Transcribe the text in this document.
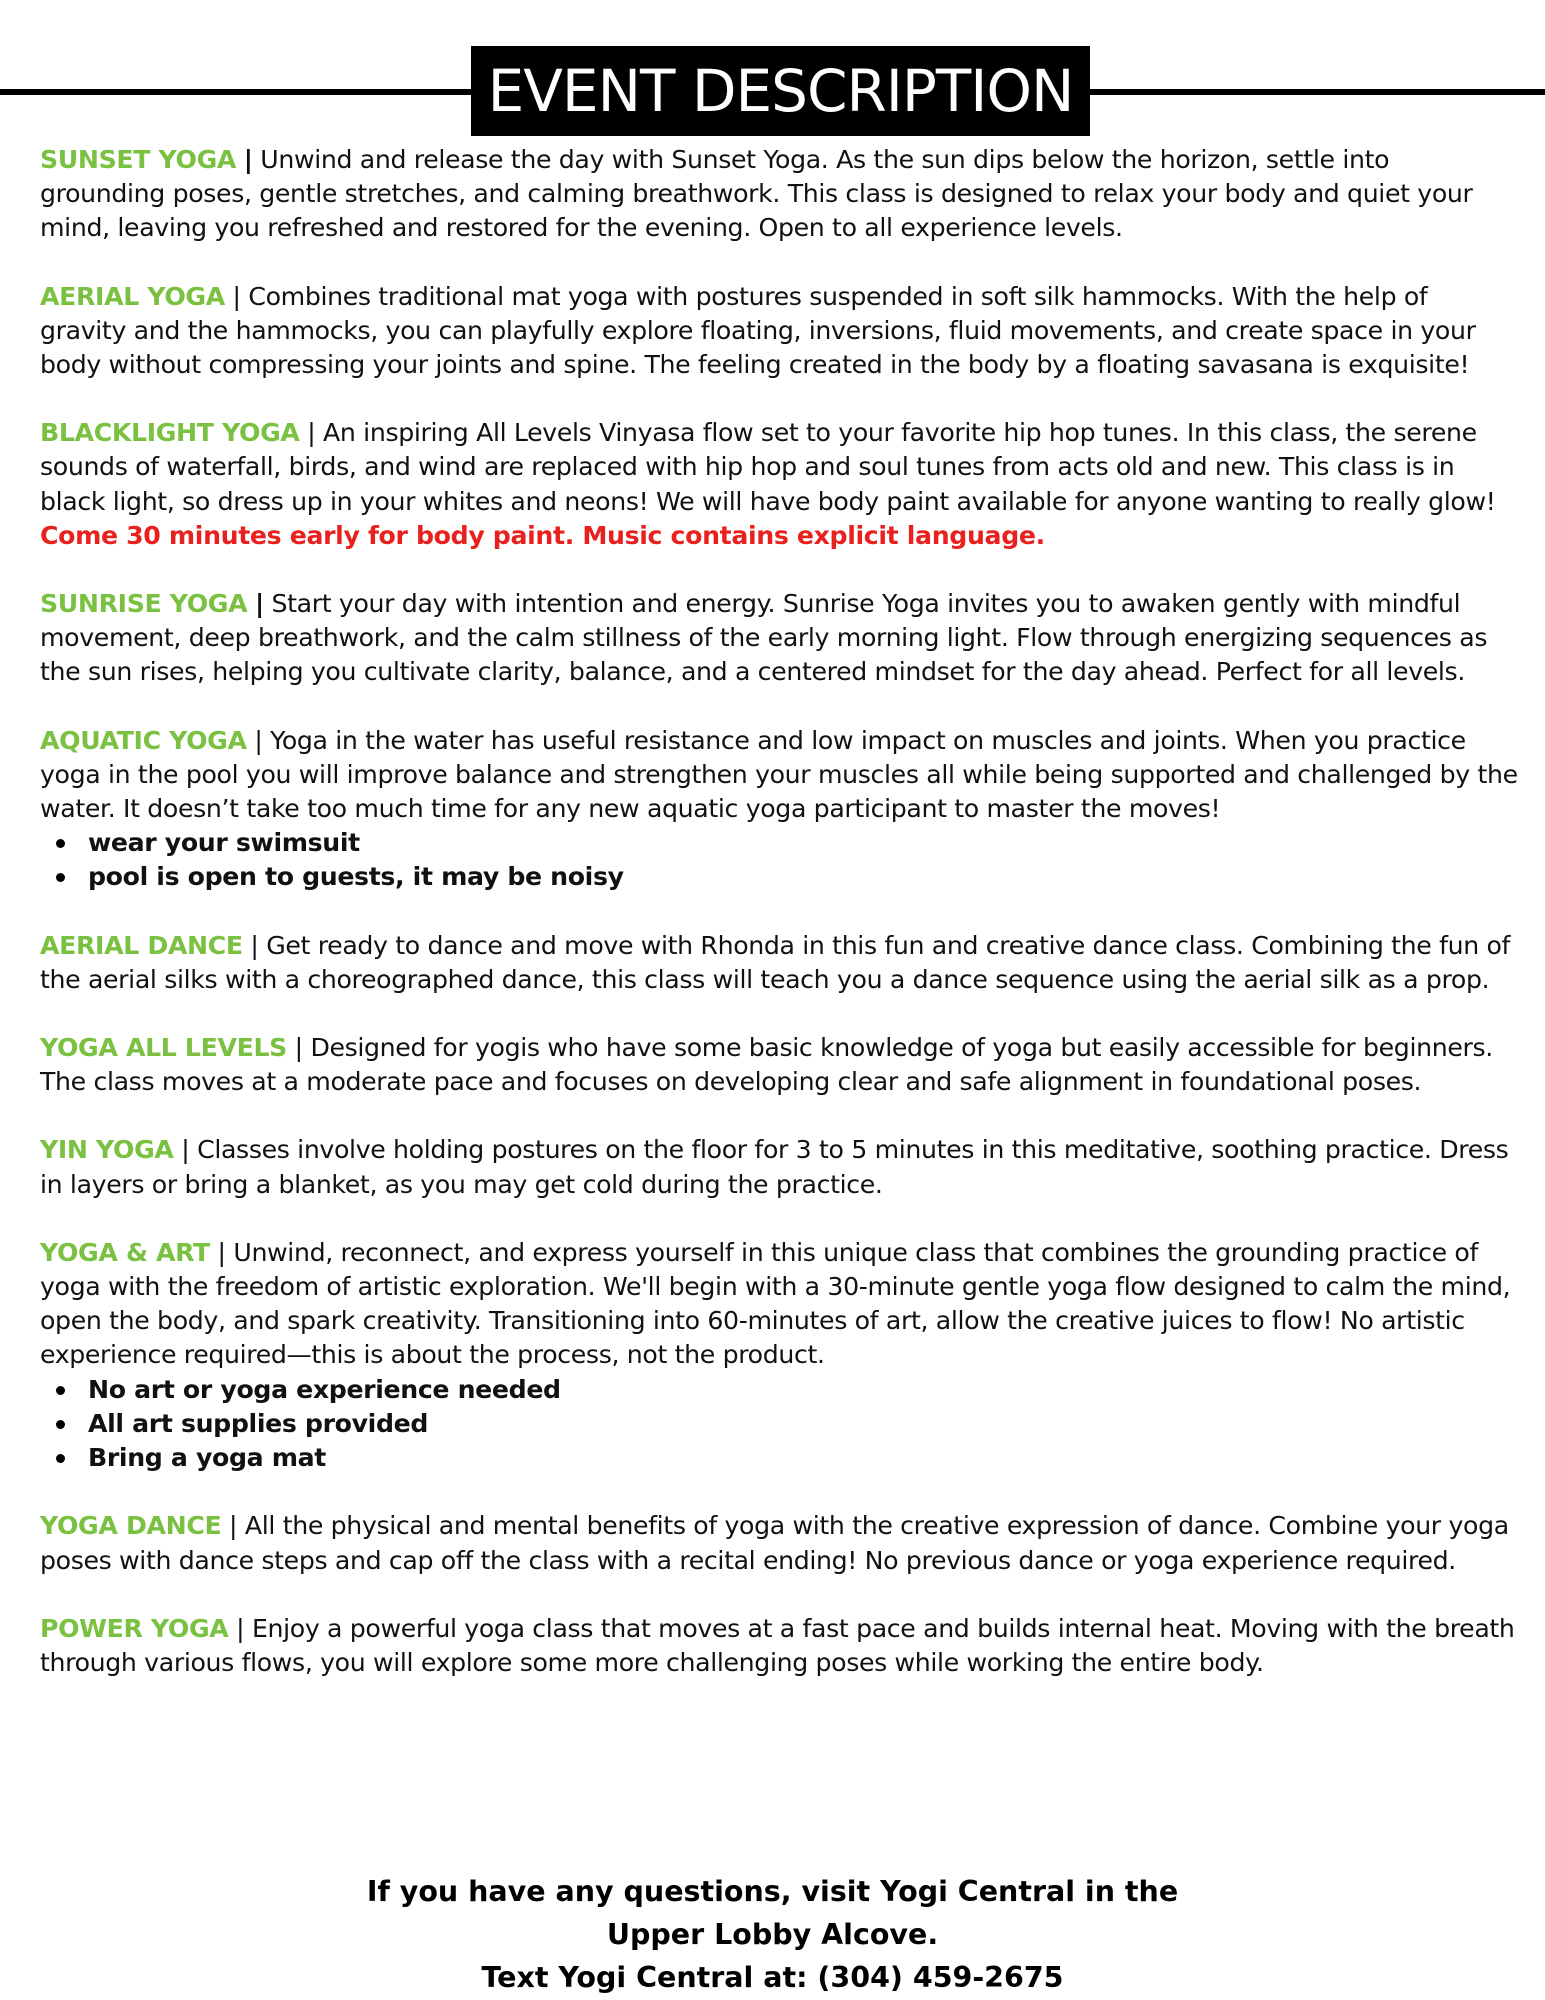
EVENT DESCRIPTION

SUNSET YOGA | Unwind and release the day with Sunset Yoga. As the sun dips below the horizon, settle into grounding poses, gentle stretches, and calming breathwork. This class is designed to relax your body and quiet your mind, leaving you refreshed and restored for the evening. Open to all experience levels.

AERIAL YOGA | Combines traditional mat yoga with postures suspended in soft silk hammocks. With the help of gravity and the hammocks, you can playfully explore floating, inversions, fluid movements, and create space in your body without compressing your joints and spine. The feeling created in the body by a floating savasana is exquisite!

BLACKLIGHT YOGA | An inspiring All Levels Vinyasa flow set to your favorite hip hop tunes. In this class, the serene sounds of waterfall, birds, and wind are replaced with hip hop and soul tunes from acts old and new. This class is in black light, so dress up in your whites and neons! We will have body paint available for anyone wanting to really glow! Come 30 minutes early for body paint. Music contains explicit language.

SUNRISE YOGA | Start your day with intention and energy. Sunrise Yoga invites you to awaken gently with mindful movement, deep breathwork, and the calm stillness of the early morning light. Flow through energizing sequences as the sun rises, helping you cultivate clarity, balance, and a centered mindset for the day ahead. Perfect for all levels.

AQUATIC YOGA | Yoga in the water has useful resistance and low impact on muscles and joints. When you practice yoga in the pool you will improve balance and strengthen your muscles all while being supported and challenged by the water. It doesn’t take too much time for any new aquatic yoga participant to master the moves!
wear your swimsuit
pool is open to guests, it may be noisy

AERIAL DANCE | Get ready to dance and move with Rhonda in this fun and creative dance class. Combining the fun of the aerial silks with a choreographed dance, this class will teach you a dance sequence using the aerial silk as a prop.

YOGA ALL LEVELS | Designed for yogis who have some basic knowledge of yoga but easily accessible for beginners. The class moves at a moderate pace and focuses on developing clear and safe alignment in foundational poses.

YIN YOGA | Classes involve holding postures on the floor for 3 to 5 minutes in this meditative, soothing practice. Dress in layers or bring a blanket, as you may get cold during the practice.

YOGA & ART | Unwind, reconnect, and express yourself in this unique class that combines the grounding practice of yoga with the freedom of artistic exploration. We'll begin with a 30-minute gentle yoga flow designed to calm the mind, open the body, and spark creativity. Transitioning into 60-minutes of art, allow the creative juices to flow! No artistic experience required—this is about the process, not the product.
No art or yoga experience needed
All art supplies provided
Bring a yoga mat

YOGA DANCE | All the physical and mental benefits of yoga with the creative expression of dance. Combine your yoga poses with dance steps and cap off the class with a recital ending! No previous dance or yoga experience required.

POWER YOGA | Enjoy a powerful yoga class that moves at a fast pace and builds internal heat. Moving with the breath through various flows, you will explore some more challenging poses while working the entire body.

If you have any questions, visit Yogi Central in the
Upper Lobby Alcove.
Text Yogi Central at: (304) 459-2675
